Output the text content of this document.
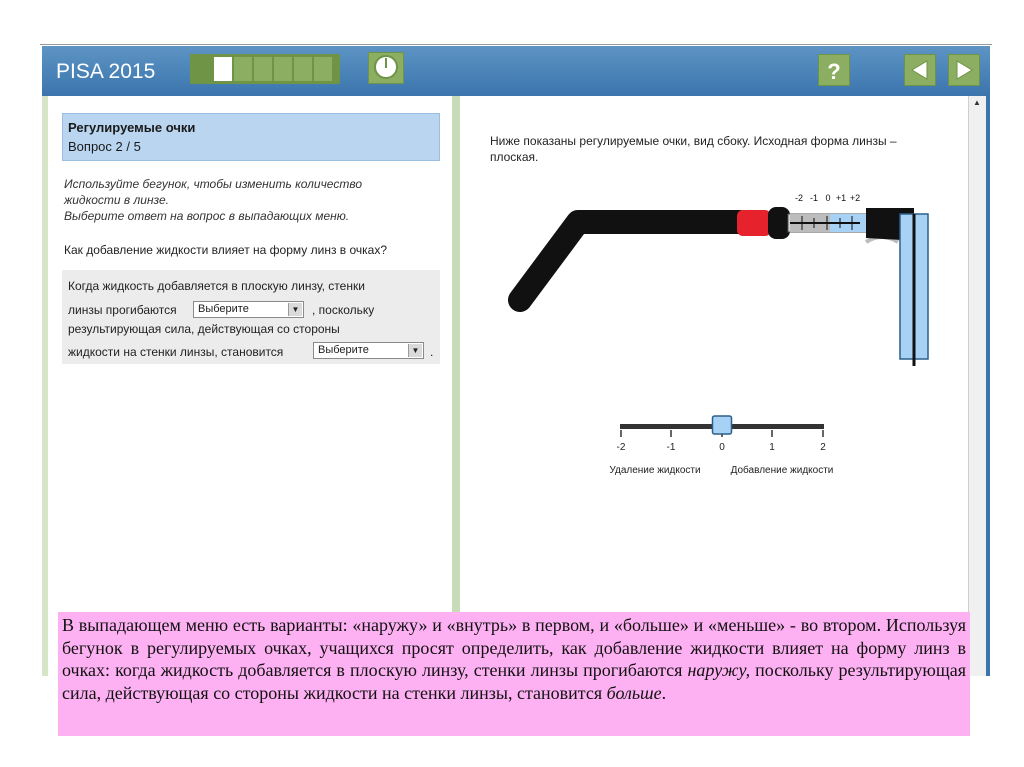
PISA 2015	?
Регулируемые очки
Вопрос 2 / 5
Используйте бегунок, чтобы изменить количество
жидкости в линзе.
Выберите ответ на вопрос в выпадающих меню.
Как добавление жидкости влияет на форму линз в очках?
Когда жидкость добавляется в плоскую линзу, стенки
линзы прогибаются	Выберите	▼ , поскольку
результирующая сила, действующая со стороны
жидкости на стенки линзы, становится	Выберите	▼ .
▲
Ниже показаны регулируемые очки, вид сбоку. Исходная форма линзы –
плоская.
-2 -1 0 +1 +2
-2	-1	0	1	2
Удаление жидкости	Добавление жидкости
В выпадающем меню есть варианты: «наружу» и «внутрь» в первом, и «больше» и «меньше» - во втором. Используя бегунок в регулируемых очках, учащихся просят определить, как добавление жидкости влияет на форму линз в очках: когда жидкость добавляется в плоскую линзу, стенки линзы прогибаются наружу, поскольку результирующая сила, действующая со стороны жидкости на стенки линзы, становится больше.
